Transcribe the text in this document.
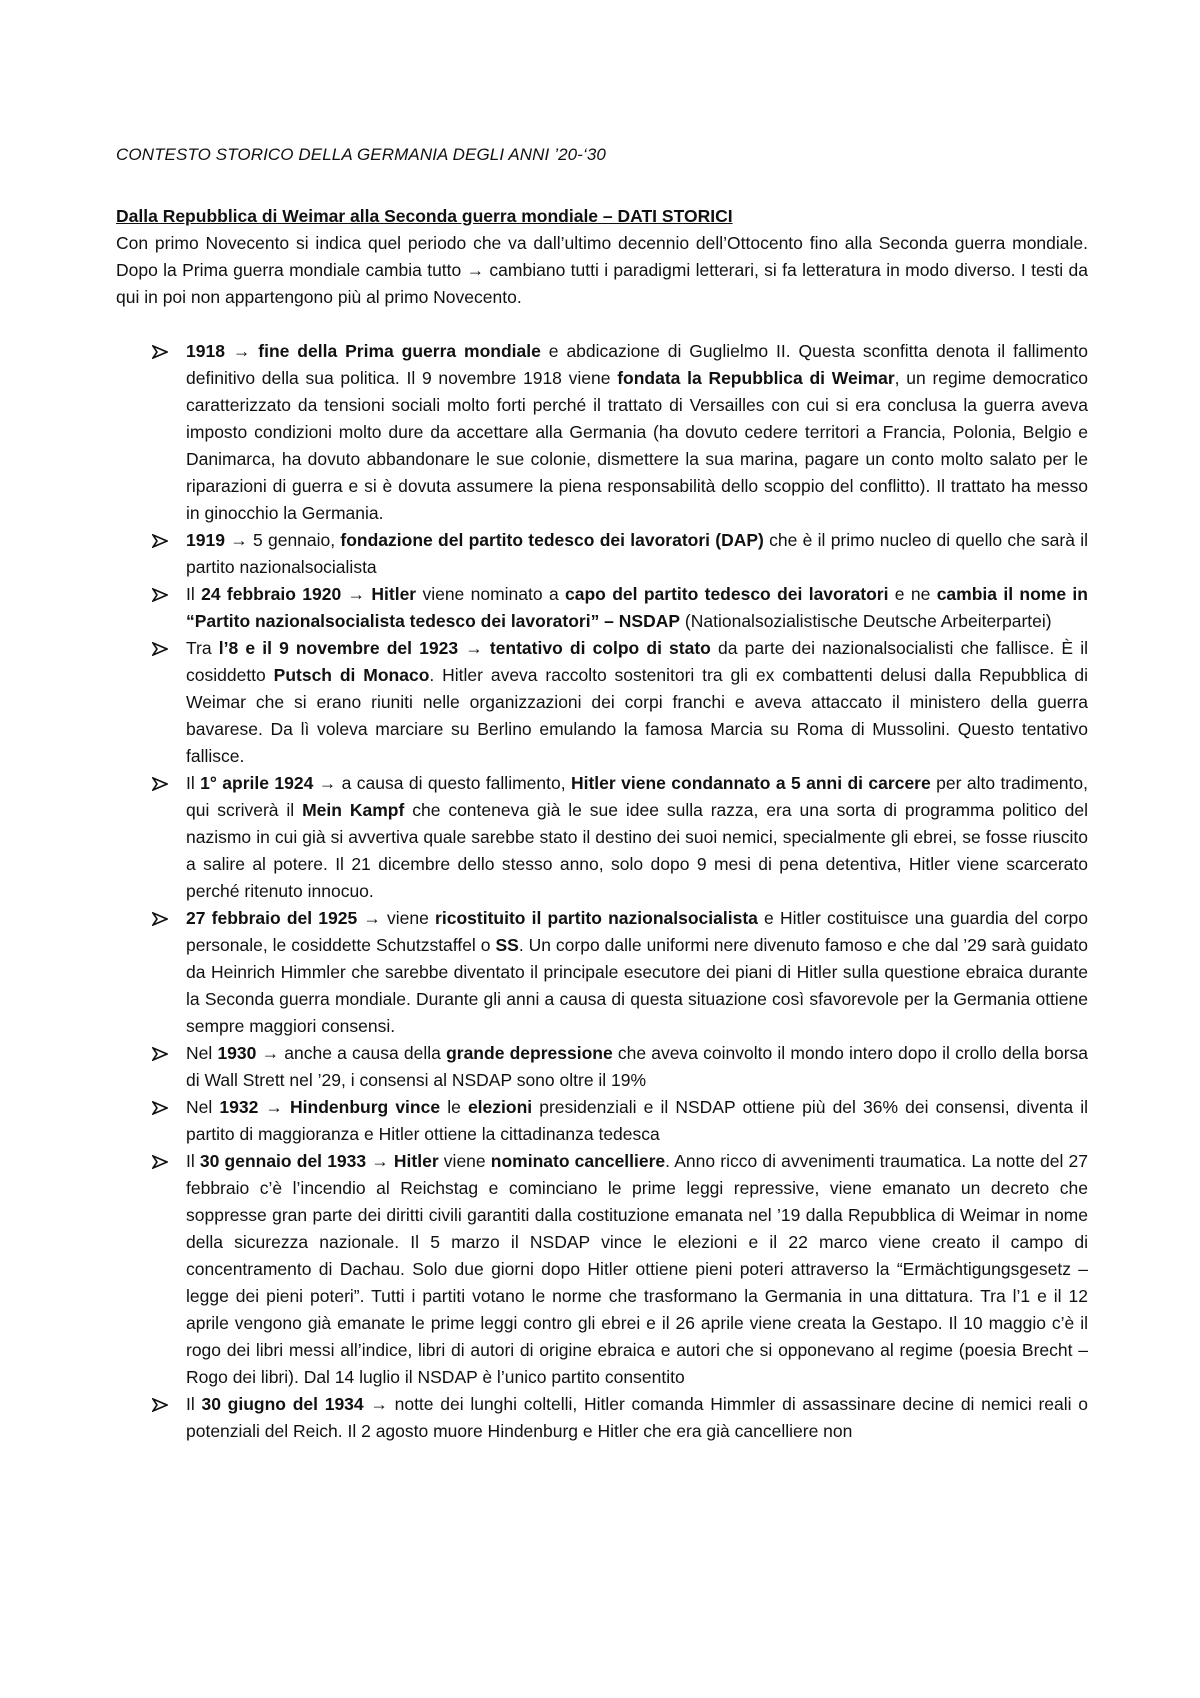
CONTESTO STORICO DELLA GERMANIA DEGLI ANNI ’20-‘30
Dalla Repubblica di Weimar alla Seconda guerra mondiale – DATI STORICI

Con primo Novecento si indica quel periodo che va dall’ultimo decennio dell’Ottocento fino alla Seconda guerra mondiale. Dopo la Prima guerra mondiale cambia tutto → cambiano tutti i paradigmi letterari, si fa letteratura in modo diverso. I testi da qui in poi non appartengono più al primo Novecento.

1918 → fine della Prima guerra mondiale e abdicazione di Guglielmo II. Questa sconfitta denota il fallimento definitivo della sua politica. Il 9 novembre 1918 viene fondata la Repubblica di Weimar, un regime democratico caratterizzato da tensioni sociali molto forti perché il trattato di Versailles con cui si era conclusa la guerra aveva imposto condizioni molto dure da accettare alla Germania (ha dovuto cedere territori a Francia, Polonia, Belgio e Danimarca, ha dovuto abbandonare le sue colonie, dismettere la sua marina, pagare un conto molto salato per le riparazioni di guerra e si è dovuta assumere la piena responsabilità dello scoppio del conflitto). Il trattato ha messo in ginocchio la Germania.
1919 → 5 gennaio, fondazione del partito tedesco dei lavoratori (DAP) che è il primo nucleo di quello che sarà il partito nazionalsocialista
Il 24 febbraio 1920 → Hitler viene nominato a capo del partito tedesco dei lavoratori e ne cambia il nome in “Partito nazionalsocialista tedesco dei lavoratori” – NSDAP (Nationalsozialistische Deutsche Arbeiterpartei)
Tra l’8 e il 9 novembre del 1923 → tentativo di colpo di stato da parte dei nazionalsocialisti che fallisce. È il cosiddetto Putsch di Monaco. Hitler aveva raccolto sostenitori tra gli ex combattenti delusi dalla Repubblica di Weimar che si erano riuniti nelle organizzazioni dei corpi franchi e aveva attaccato il ministero della guerra bavarese. Da lì voleva marciare su Berlino emulando la famosa Marcia su Roma di Mussolini. Questo tentativo fallisce.
Il 1° aprile 1924 → a causa di questo fallimento, Hitler viene condannato a 5 anni di carcere per alto tradimento, qui scriverà il Mein Kampf che conteneva già le sue idee sulla razza, era una sorta di programma politico del nazismo in cui già si avvertiva quale sarebbe stato il destino dei suoi nemici, specialmente gli ebrei, se fosse riuscito a salire al potere. Il 21 dicembre dello stesso anno, solo dopo 9 mesi di pena detentiva, Hitler viene scarcerato perché ritenuto innocuo.
27 febbraio del 1925 → viene ricostituito il partito nazionalsocialista e Hitler costituisce una guardia del corpo personale, le cosiddette Schutzstaffel o SS. Un corpo dalle uniformi nere divenuto famoso e che dal ’29 sarà guidato da Heinrich Himmler che sarebbe diventato il principale esecutore dei piani di Hitler sulla questione ebraica durante la Seconda guerra mondiale. Durante gli anni a causa di questa situazione così sfavorevole per la Germania ottiene sempre maggiori consensi.
Nel 1930 → anche a causa della grande depressione che aveva coinvolto il mondo intero dopo il crollo della borsa di Wall Strett nel ’29, i consensi al NSDAP sono oltre il 19%
Nel 1932 → Hindenburg vince le elezioni presidenziali e il NSDAP ottiene più del 36% dei consensi, diventa il partito di maggioranza e Hitler ottiene la cittadinanza tedesca
Il 30 gennaio del 1933 → Hitler viene nominato cancelliere. Anno ricco di avvenimenti traumatica. La notte del 27 febbraio c’è l’incendio al Reichstag e cominciano le prime leggi repressive, viene emanato un decreto che soppresse gran parte dei diritti civili garantiti dalla costituzione emanata nel ’19 dalla Repubblica di Weimar in nome della sicurezza nazionale. Il 5 marzo il NSDAP vince le elezioni e il 22 marco viene creato il campo di concentramento di Dachau. Solo due giorni dopo Hitler ottiene pieni poteri attraverso la “Ermächtigungsgesetz – legge dei pieni poteri”. Tutti i partiti votano le norme che trasformano la Germania in una dittatura. Tra l’1 e il 12 aprile vengono già emanate le prime leggi contro gli ebrei e il 26 aprile viene creata la Gestapo. Il 10 maggio c’è il rogo dei libri messi all’indice, libri di autori di origine ebraica e autori che si opponevano al regime (poesia Brecht – Rogo dei libri). Dal 14 luglio il NSDAP è l’unico partito consentito
Il 30 giugno del 1934 → notte dei lunghi coltelli, Hitler comanda Himmler di assassinare decine di nemici reali o potenziali del Reich. Il 2 agosto muore Hindenburg e Hitler che era già cancelliere non
